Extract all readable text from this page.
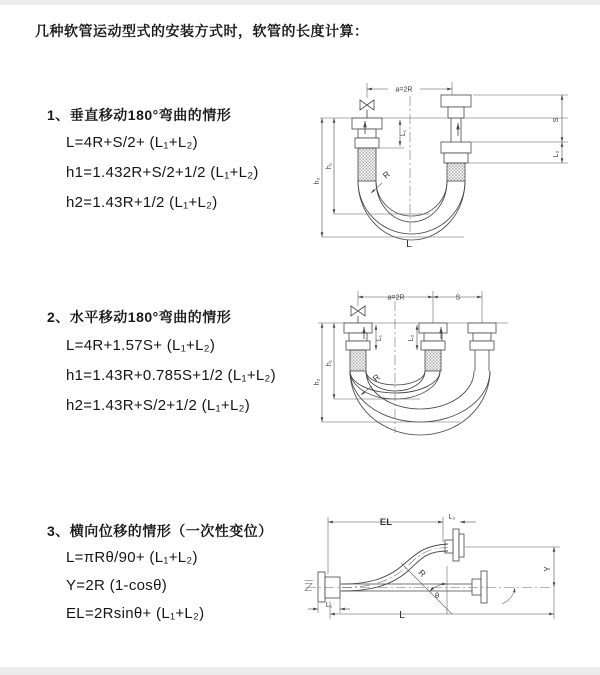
几种软管运动型式的安装方式时，软管的长度计算：
1、垂直移动180°弯曲的情形
L=4R+S/2+ (L₁+L₂)
h1=1.432R+S/2+1/2 (L₁+L₂)
h2=1.43R+1/2 (L₁+L₂)
2、水平移动180°弯曲的情形
L=4R+1.57S+ (L₁+L₂)
h1=1.43R+0.785S+1/2 (L₁+L₂)
h2=1.43R+S/2+1/2 (L₁+L₂)
3、横向位移的情形（一次性变位）
L=πRθ/90+ (L₁+L₂)
Y=2R (1-cosθ)
EL=2Rsinθ+ (L₁+L₂)
a=2R
h₁
h₂
L₁
S
L₂
R
L
a=2R	S
h₁
h₂
L₁	L₂
R
EL	L₂
Y
θ
R
L₁
L
